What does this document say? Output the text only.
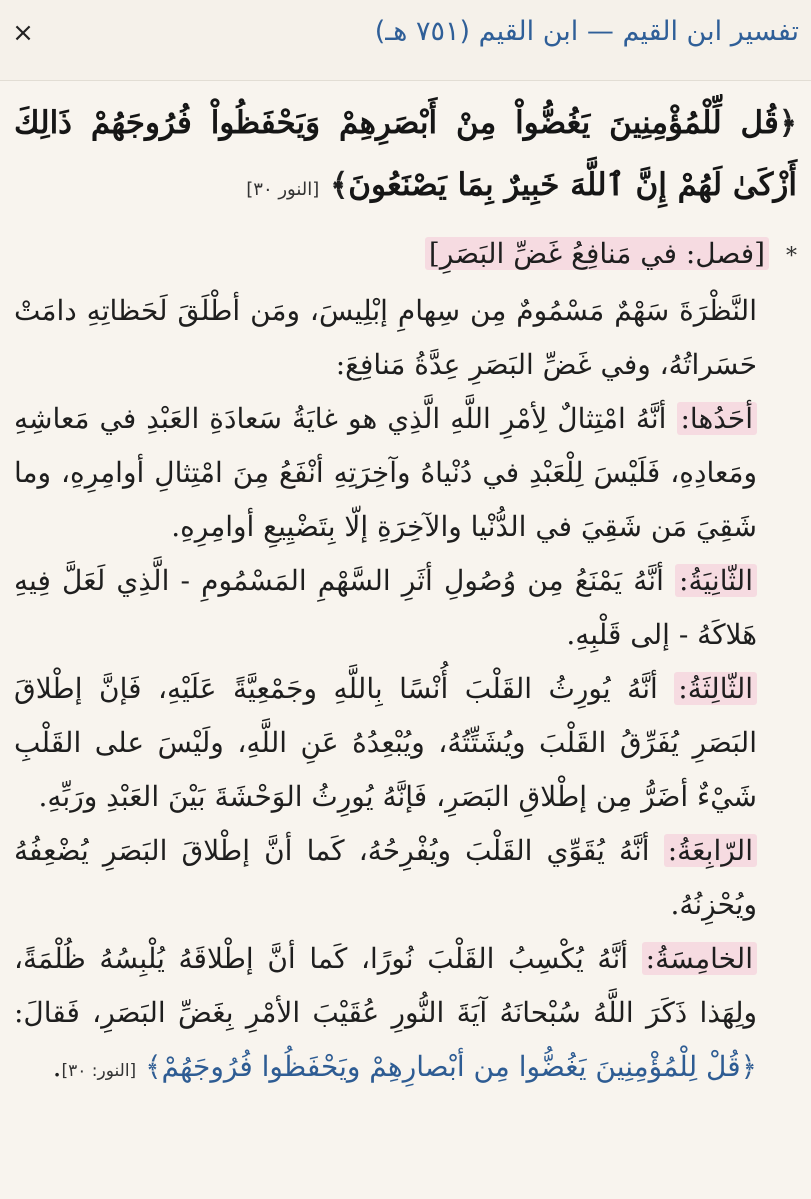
×	تفسير ابن القيم — ابن القيم (٧٥١ هـ)
﴿قُل لِّلْمُؤْمِنِينَ يَغُضُّواْ مِنْ أَبْصَرِهِمْ وَيَحْفَظُواْ فُرُوجَهُمْ ذَالِكَ أَزْكَىٰ لَهُمْ إِنَّ ٱللَّهَ خَبِيرٌ بِمَا يَصْنَعُونَ﴾ [النور ٣٠]

* [فصل: في مَنافِعُ غَضِّ البَصَرِ]

النَّظْرَةَ سَهْمٌ مَسْمُومٌ مِن سِهامِ إبْلِيسَ، ومَن أطْلَقَ لَحَظاتِهِ دامَتْ حَسَراتُهُ، وفي غَضِّ البَصَرِ عِدَّةُ مَنافِعَ:

أحَدُها: أنَّهُ امْتِثالٌ لِأمْرِ اللَّهِ الَّذِي هو غايَةُ سَعادَةِ العَبْدِ في مَعاشِهِ ومَعادِهِ، فَلَيْسَ لِلْعَبْدِ في دُنْياهُ وآخِرَتِهِ أنْفَعُ مِنَ امْتِثالِ أوامِرِهِ، وما شَقِيَ مَن شَقِيَ في الدُّنْيا والآخِرَةِ إلّا بِتَضْيِيعِ أوامِرِهِ.

الثّانِيَةُ: أنَّهُ يَمْنَعُ مِن وُصُولِ أثَرِ السَّهْمِ المَسْمُومِ - الَّذِي لَعَلَّ فِيهِ هَلاكَهُ - إلى قَلْبِهِ.

الثّالِثَةُ: أنَّهُ يُورِثُ القَلْبَ أُنْسًا بِاللَّهِ وجَمْعِيَّةً عَلَيْهِ، فَإنَّ إطْلاقَ البَصَرِ يُفَرِّقُ القَلْبَ ويُشَتِّتُهُ، ويُبْعِدُهُ عَنِ اللَّهِ، ولَيْسَ على القَلْبِ شَيْءٌ أضَرُّ مِن إطْلاقِ البَصَرِ، فَإنَّهُ يُورِثُ الوَحْشَةَ بَيْنَ العَبْدِ ورَبِّهِ.

الرّابِعَةُ: أنَّهُ يُقَوِّي القَلْبَ ويُفْرِحُهُ، كَما أنَّ إطْلاقَ البَصَرِ يُضْعِفُهُ ويُحْزِنُهُ.

الخامِسَةُ: أنَّهُ يُكْسِبُ القَلْبَ نُورًا، كَما أنَّ إطْلاقَهُ يُلْبِسُهُ ظُلْمَةً، ولِهَذا ذَكَرَ اللَّهُ سُبْحانَهُ آيَةَ النُّورِ عُقَيْبَ الأمْرِ بِغَضِّ البَصَرِ، فَقالَ: ﴿قُلْ لِلْمُؤْمِنِينَ يَغُضُّوا مِن أبْصارِهِمْ ويَحْفَظُوا فُرُوجَهُمْ﴾ [النور: ٣٠].
